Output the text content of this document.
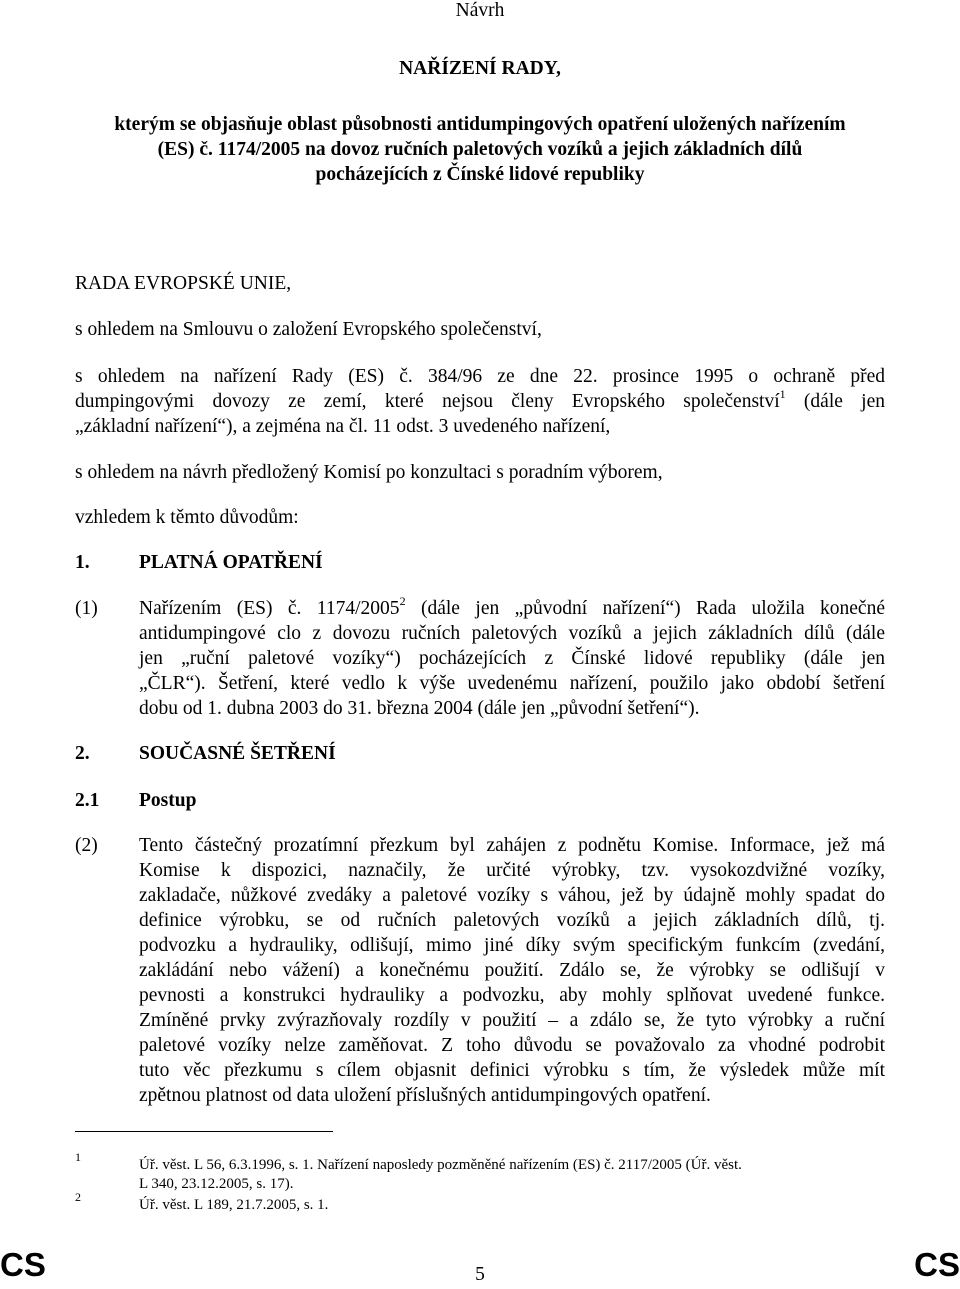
Návrh
NAŘÍZENÍ RADY,
kterým se objasňuje oblast působnosti antidumpingových opatření uložených nařízením
(ES) č. 1174/2005 na dovoz ručních paletových vozíků a jejich základních dílů
pocházejících z Čínské lidové republiky
RADA EVROPSKÉ UNIE,
s ohledem na Smlouvu o založení Evropského společenství,
s ohledem na nařízení Rady (ES) č. 384/96 ze dne 22. prosince 1995 o ochraně před
dumpingovými dovozy ze zemí, které nejsou členy Evropského společenství$^1$ (dále jen
„základní nařízení“), a zejména na čl. 11 odst. 3 uvedeného nařízení,
s ohledem na návrh předložený Komisí po konzultaci s poradním výborem,
vzhledem k těmto důvodům:
1.	PLATNÁ OPATŘENÍ
(1) Nařízením (ES) č. 1174/2005$^2$ (dále jen „původní nařízení“) Rada uložila konečné
antidumpingové clo z dovozu ručních paletových vozíků a jejich základních dílů (dále
jen „ruční paletové vozíky“) pocházejících z Čínské lidové republiky (dále jen
„ČLR“). Šetření, které vedlo k výše uvedenému nařízení, použilo jako období šetření
dobu od 1. dubna 2003 do 31. března 2004 (dále jen „původní šetření“).
2.	SOUČASNÉ ŠETŘENÍ
2.1 Postup
(2) Tento částečný prozatímní přezkum byl zahájen z podnětu Komise. Informace, jež má
Komise k dispozici, naznačily, že určité výrobky, tzv. vysokozdvižné vozíky,
zakladače, nůžkové zvedáky a paletové vozíky s váhou, jež by údajně mohly spadat do
definice výrobku, se od ručních paletových vozíků a jejich základních dílů, tj.
podvozku a hydrauliky, odlišují, mimo jiné díky svým specifickým funkcím (zvedání,
zakládání nebo vážení) a konečnému použití. Zdálo se, že výrobky se odlišují v
pevnosti a konstrukci hydrauliky a podvozku, aby mohly splňovat uvedené funkce.
Zmíněné prvky zvýrazňovaly rozdíly v použití – a zdálo se, že tyto výrobky a ruční
paletové vozíky nelze zaměňovat. Z toho důvodu se považovalo za vhodné podrobit
tuto věc přezkumu s cílem objasnit definici výrobku s tím, že výsledek může mít
zpětnou platnost od data uložení příslušných antidumpingových opatření.
1	Úř. věst. L 56, 6.3.1996, s. 1. Nařízení naposledy pozměněné nařízením (ES) č. 2117/2005 (Úř. věst.
L 340, 23.12.2005, s. 17).
2	Úř. věst. L 189, 21.7.2005, s. 1.
CS	5	CS
